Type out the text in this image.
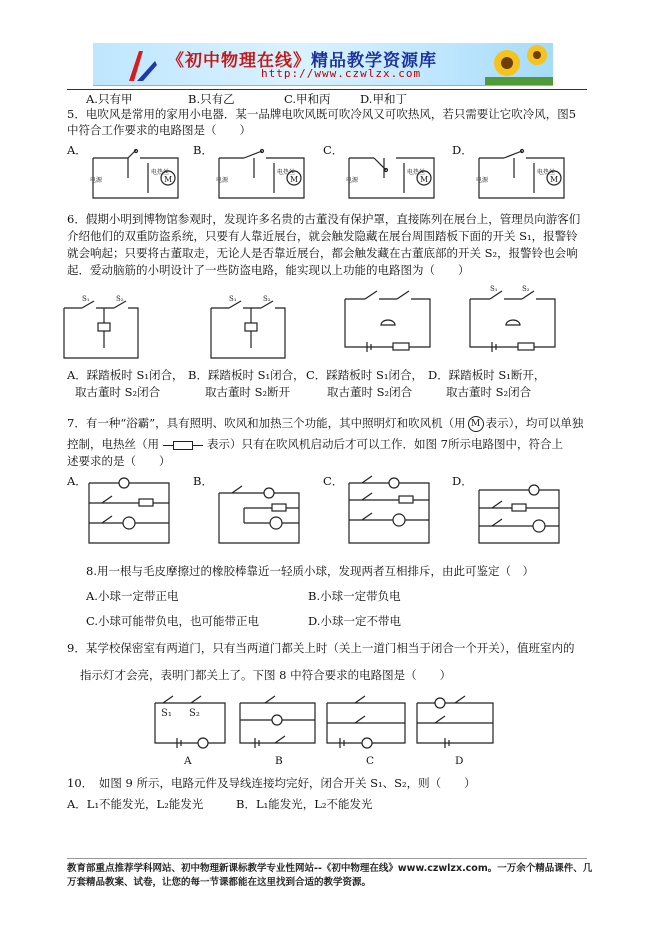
《初中物理在线》精品教学资源库
http://www.czwlzx.com
A.只有甲	B.只有乙	C.甲和丙	D.甲和丁
5．电吹风是常用的家用小电器．某一品牌电吹风既可吹冷风又可吹热风，若只需要让它吹冷风，图5
中符合工作要求的电路图是（　　）
A．	B．	C．	D．
M
电源
电热丝
M
电源
电热丝
M
电源
电热丝
M
电源
电热丝
6．假期小明到博物馆参观时，发现许多名贵的古董没有保护罩，直接陈列在展台上，管理员向游客们
介绍他们的双重防盗系统，只要有人靠近展台，就会触发隐藏在展台周围踏板下面的开关 S₁，报警铃
就会响起；只要将古董取走，无论人是否靠近展台，都会触发藏在古董底部的开关 S₂，报警铃也会响
起．爱动脑筋的小明设计了一些防盗电路，能实现以上功能的电路图为（　　）
S₁	S₂	S₁	S₂
S₁	S₂
A．踩踏板时 S₁闭合， B．踩踏板时 S₁闭合， C．踩踏板时 S₁闭合， D．踩踏板时 S₁断开，
取古董时 S₂闭合	取古董时 S₂断开	取古董时 S₂闭合	取古董时 S₂闭合
7．有一种“浴霸”，具有照明、吹风和加热三个功能，其中照明灯和吹风机（用 M 表示），均可以单独
控制，电热丝（用	表示）只有在吹风机启动后才可以工作．如图 7所示电路图中，符合上
述要求的是（　　）
A．	B．	C．	D．
8.用一根与毛皮摩擦过的橡胶棒靠近一轻质小球，发现两者互相排斥，由此可鉴定（　）
A.小球一定带正电	B.小球一定带负电
C.小球可能带负电，也可能带正电	D.小球一定不带电
9．某学校保密室有两道门，只有当两道门都关上时（关上一道门相当于闭合一个开关），值班室内的
指示灯才会亮，表明门都关上了。下图 8 中符合要求的电路图是（　　）
S₁ S₂
A	B	C	D
10．　如图 9 所示，电路元件及导线连接均完好，闭合开关 S₁、S₂，则（　　）
A．L₁不能发光，L₂能发光	B．L₁能发光，L₂不能发光
教育部重点推荐学科网站、初中物理新课标教学专业性网站--《初中物理在线》www.czwlzx.com。一万余个精品课件、几万套精品教案、试卷，让您的每一节课都能在这里找到合适的教学资源。
